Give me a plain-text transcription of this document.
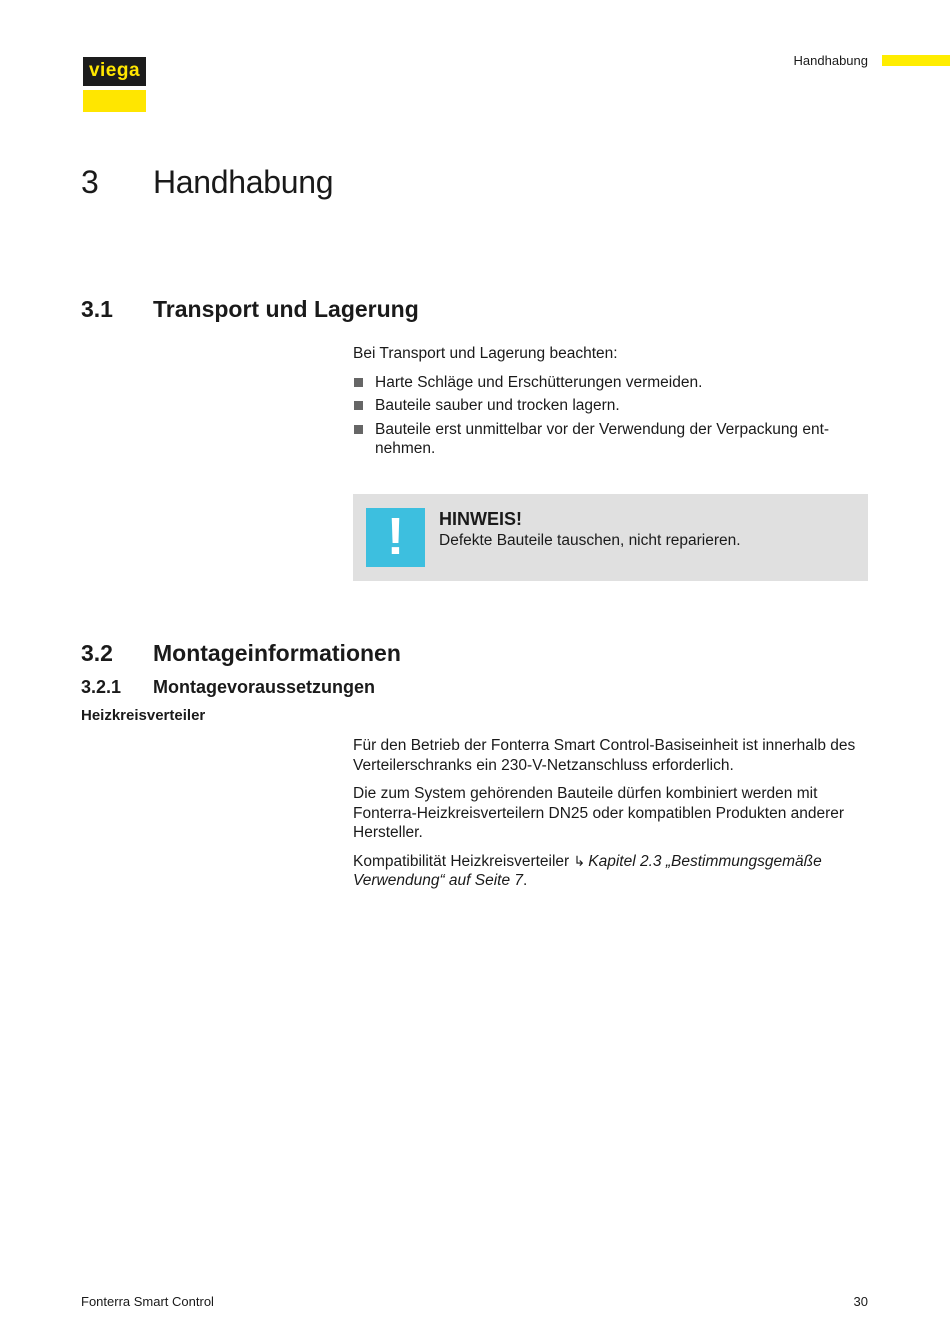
viega	Handhabung
3 Handhabung
3.1 Transport und Lagerung

Bei Transport und Lagerung beachten:

Harte Schläge und Erschütterungen vermeiden.
Bauteile sauber und trocken lagern.
Bauteile erst unmittelbar vor der Verwendung der Verpackung ent-
nehmen.
!	HINWEIS!
Defekte Bauteile tauschen, nicht reparieren.
3.2 Montageinformationen
3.2.1 Montagevoraussetzungen
Heizkreisverteiler

Für den Betrieb der Fonterra Smart Control-Basiseinheit ist innerhalb des Verteilerschranks ein 230-V-Netzanschluss erforderlich.

Die zum System gehörenden Bauteile dürfen kombiniert werden mit Fonterra-Heizkreisverteilern DN25 oder kompatiblen Produkten anderer Hersteller.

Kompatibilität Heizkreisverteiler ↳ Kapitel 2.3 „Bestimmungsgemäße Verwendung“ auf Seite 7.

Fonterra Smart Control	30
